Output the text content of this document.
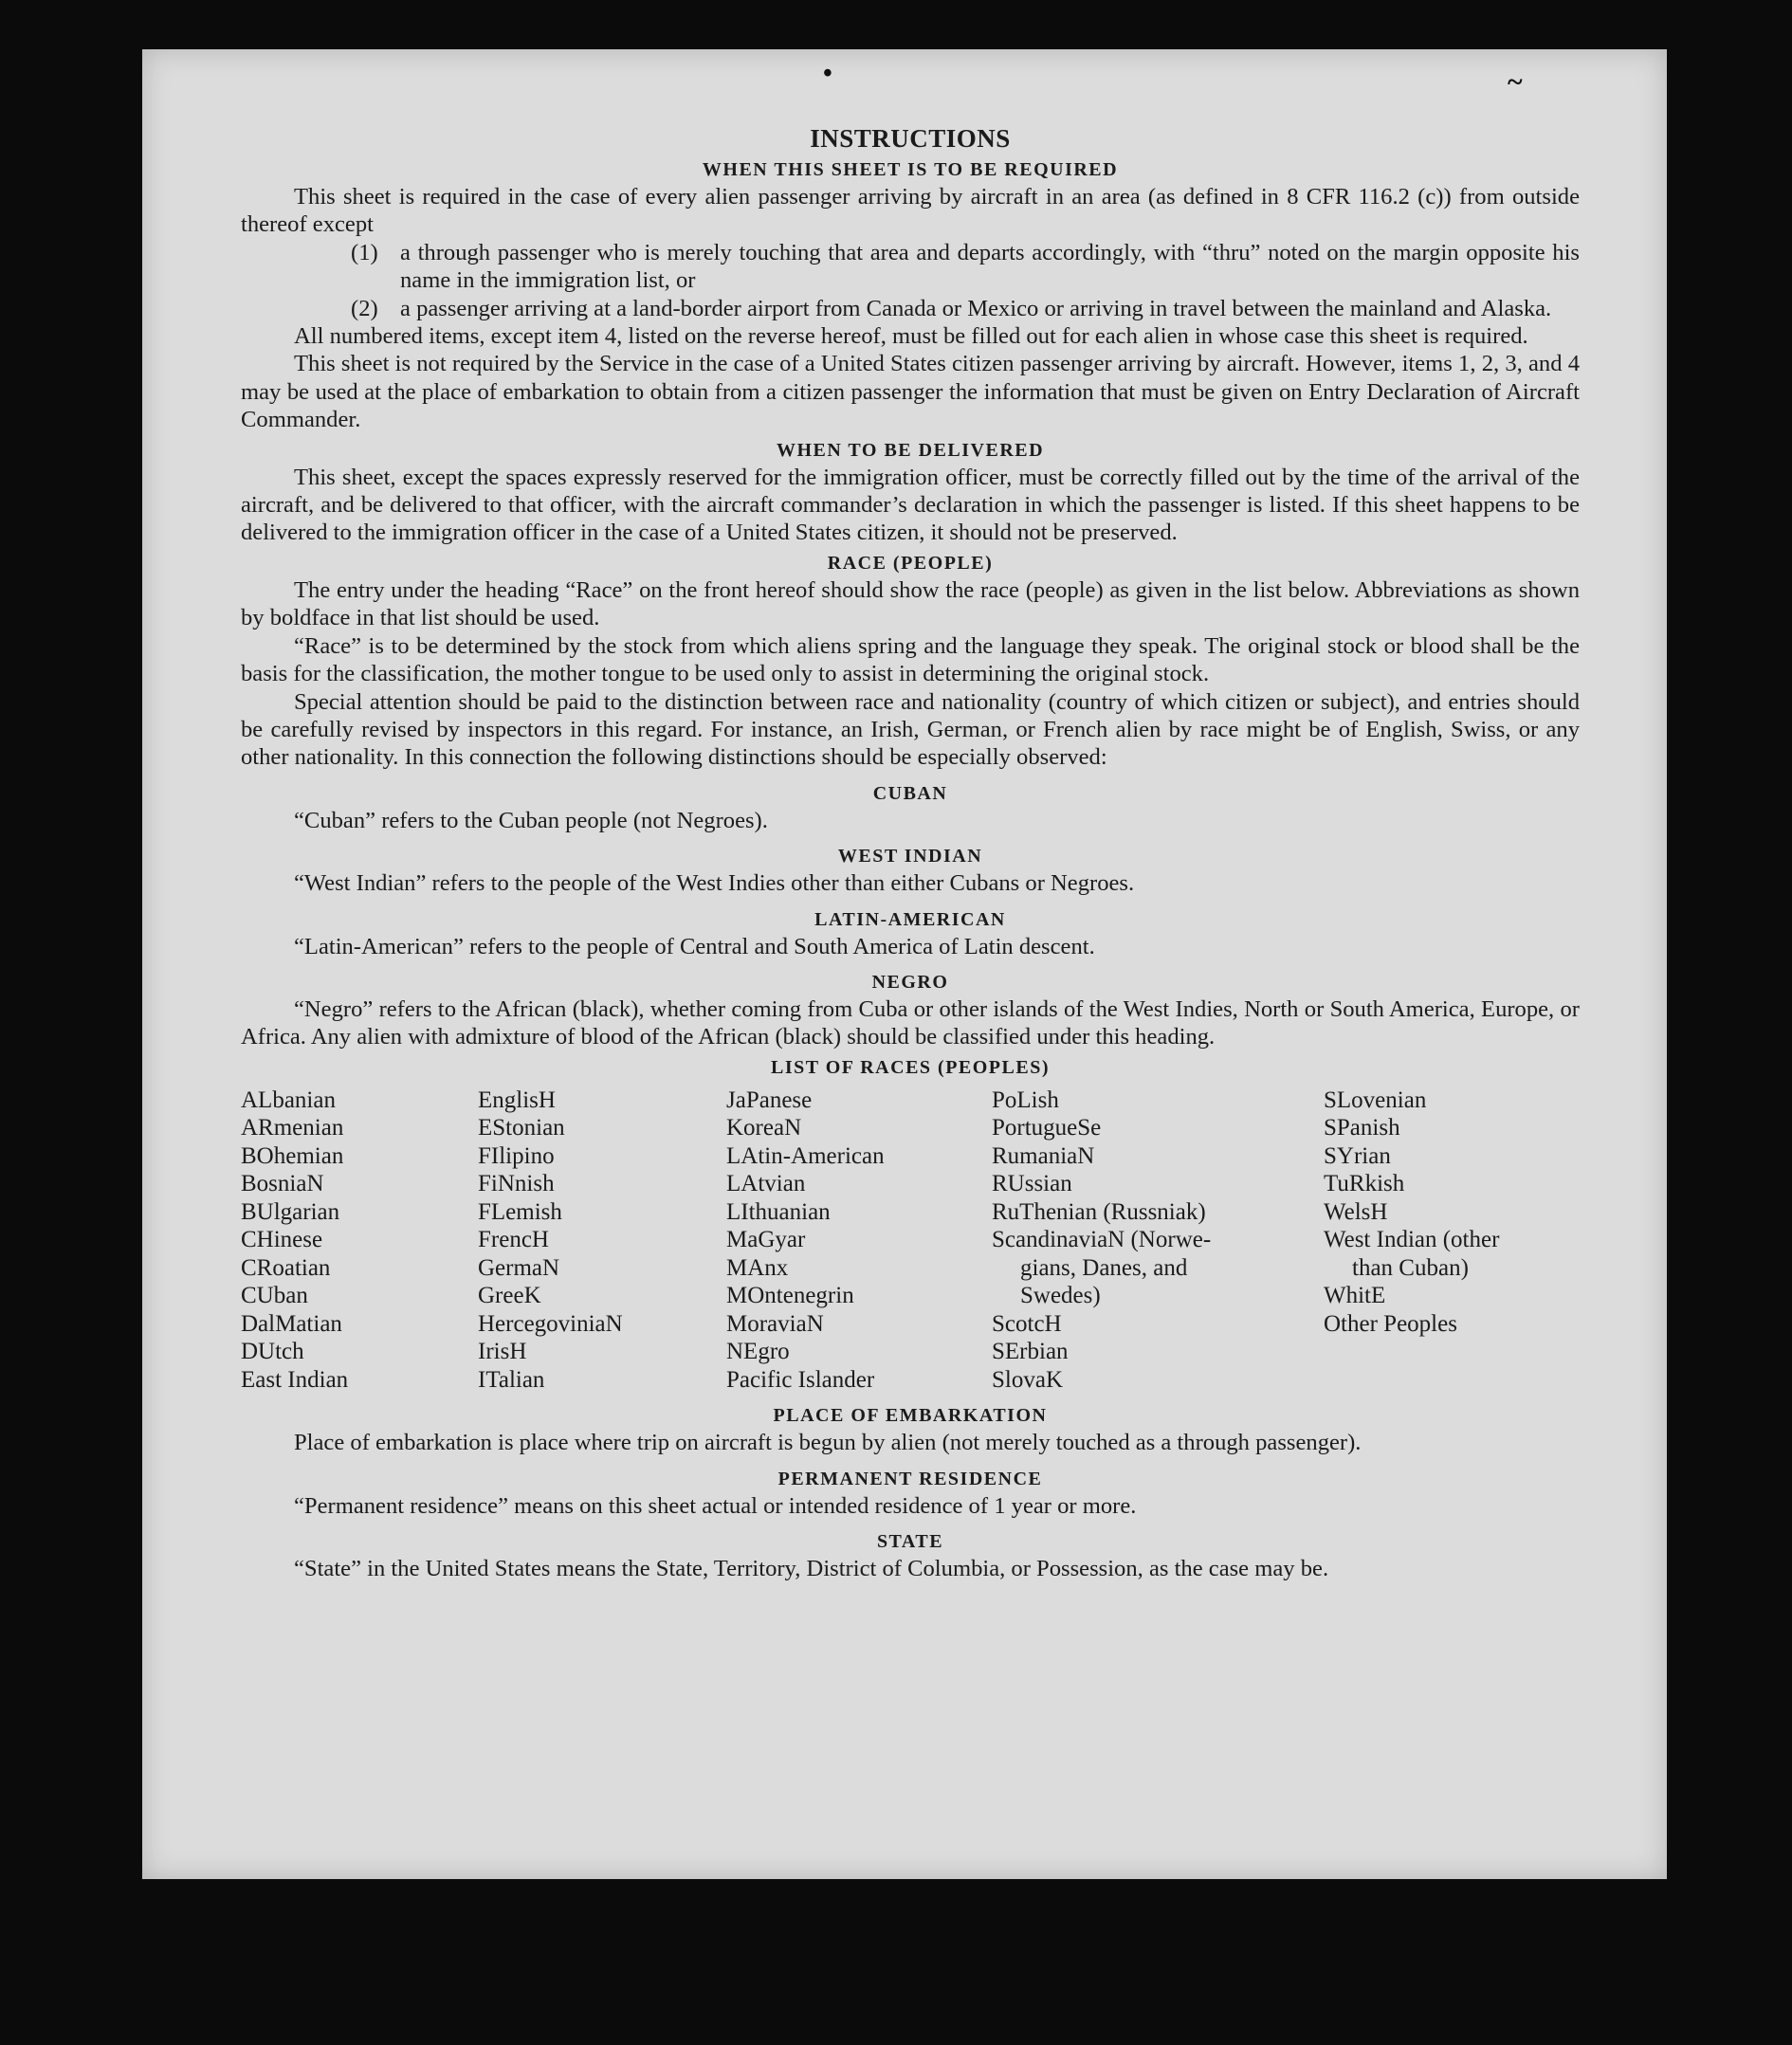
•	~
INSTRUCTIONS
WHEN THIS SHEET IS TO BE REQUIRED

This sheet is required in the case of every alien passenger arriving by aircraft in an area (as defined in 8 CFR 116.2 (c)) from outside thereof except

(1) a through passenger who is merely touching that area and departs accordingly, with “thru” noted on the margin opposite his name in the immigration list, or
(2) a passenger arriving at a land-border airport from Canada or Mexico or arriving in travel between the mainland and Alaska.

All numbered items, except item 4, listed on the reverse hereof, must be filled out for each alien in whose case this sheet is required.

This sheet is not required by the Service in the case of a United States citizen passenger arriving by aircraft. However, items 1, 2, 3, and 4 may be used at the place of embarkation to obtain from a citizen passenger the information that must be given on Entry Declaration of Aircraft Commander.

WHEN TO BE DELIVERED

This sheet, except the spaces expressly reserved for the immigration officer, must be correctly filled out by the time of the arrival of the aircraft, and be delivered to that officer, with the aircraft commander’s declaration in which the passenger is listed. If this sheet happens to be delivered to the immigration officer in the case of a United States citizen, it should not be preserved.

RACE (PEOPLE)

The entry under the heading “Race” on the front hereof should show the race (people) as given in the list below. Abbreviations as shown by boldface in that list should be used.

“Race” is to be determined by the stock from which aliens spring and the language they speak. The original stock or blood shall be the basis for the classification, the mother tongue to be used only to assist in determining the original stock.

Special attention should be paid to the distinction between race and nationality (country of which citizen or subject), and entries should be carefully revised by inspectors in this regard. For instance, an Irish, German, or French alien by race might be of English, Swiss, or any other nationality. In this connection the following distinctions should be especially observed:

CUBAN

“Cuban” refers to the Cuban people (not Negroes).

WEST INDIAN

“West Indian” refers to the people of the West Indies other than either Cubans or Negroes.

LATIN-AMERICAN

“Latin-American” refers to the people of Central and South America of Latin descent.

NEGRO

“Negro” refers to the African (black), whether coming from Cuba or other islands of the West Indies, North or South America, Europe, or Africa. Any alien with admixture of blood of the African (black) should be classified under this heading.

LIST OF RACES (PEOPLES)
ALbanian
ARmenian
BOhemian
BosniaN
BUlgarian
CHinese
CRoatian
CUban
DalMatian
DUtch
East Indian
EnglisH
EStonian
FIlipino
FiNnish
FLemish
FrencH
GermaN
GreeK
HercegoviniaN
IrisH
ITalian
JaPanese
KoreaN
LAtin-American
LAtvian
LIthuanian
MaGyar
MAnx
MOntenegrin
MoraviaN
NEgro
Pacific Islander
PoLish
PortugueSe
RumaniaN
RUssian
RuThenian (Russniak)
ScandinaviaN (Norwe-
gians, Danes, and
Swedes)
ScotcH
SErbian
SlovaK
SLovenian
SPanish
SYrian
TuRkish
WelsH
West Indian (other
than Cuban)
WhitE
Other Peoples
PLACE OF EMBARKATION

Place of embarkation is place where trip on aircraft is begun by alien (not merely touched as a through passenger).

PERMANENT RESIDENCE

“Permanent residence” means on this sheet actual or intended residence of 1 year or more.

STATE

“State” in the United States means the State, Territory, District of Columbia, or Possession, as the case may be.
